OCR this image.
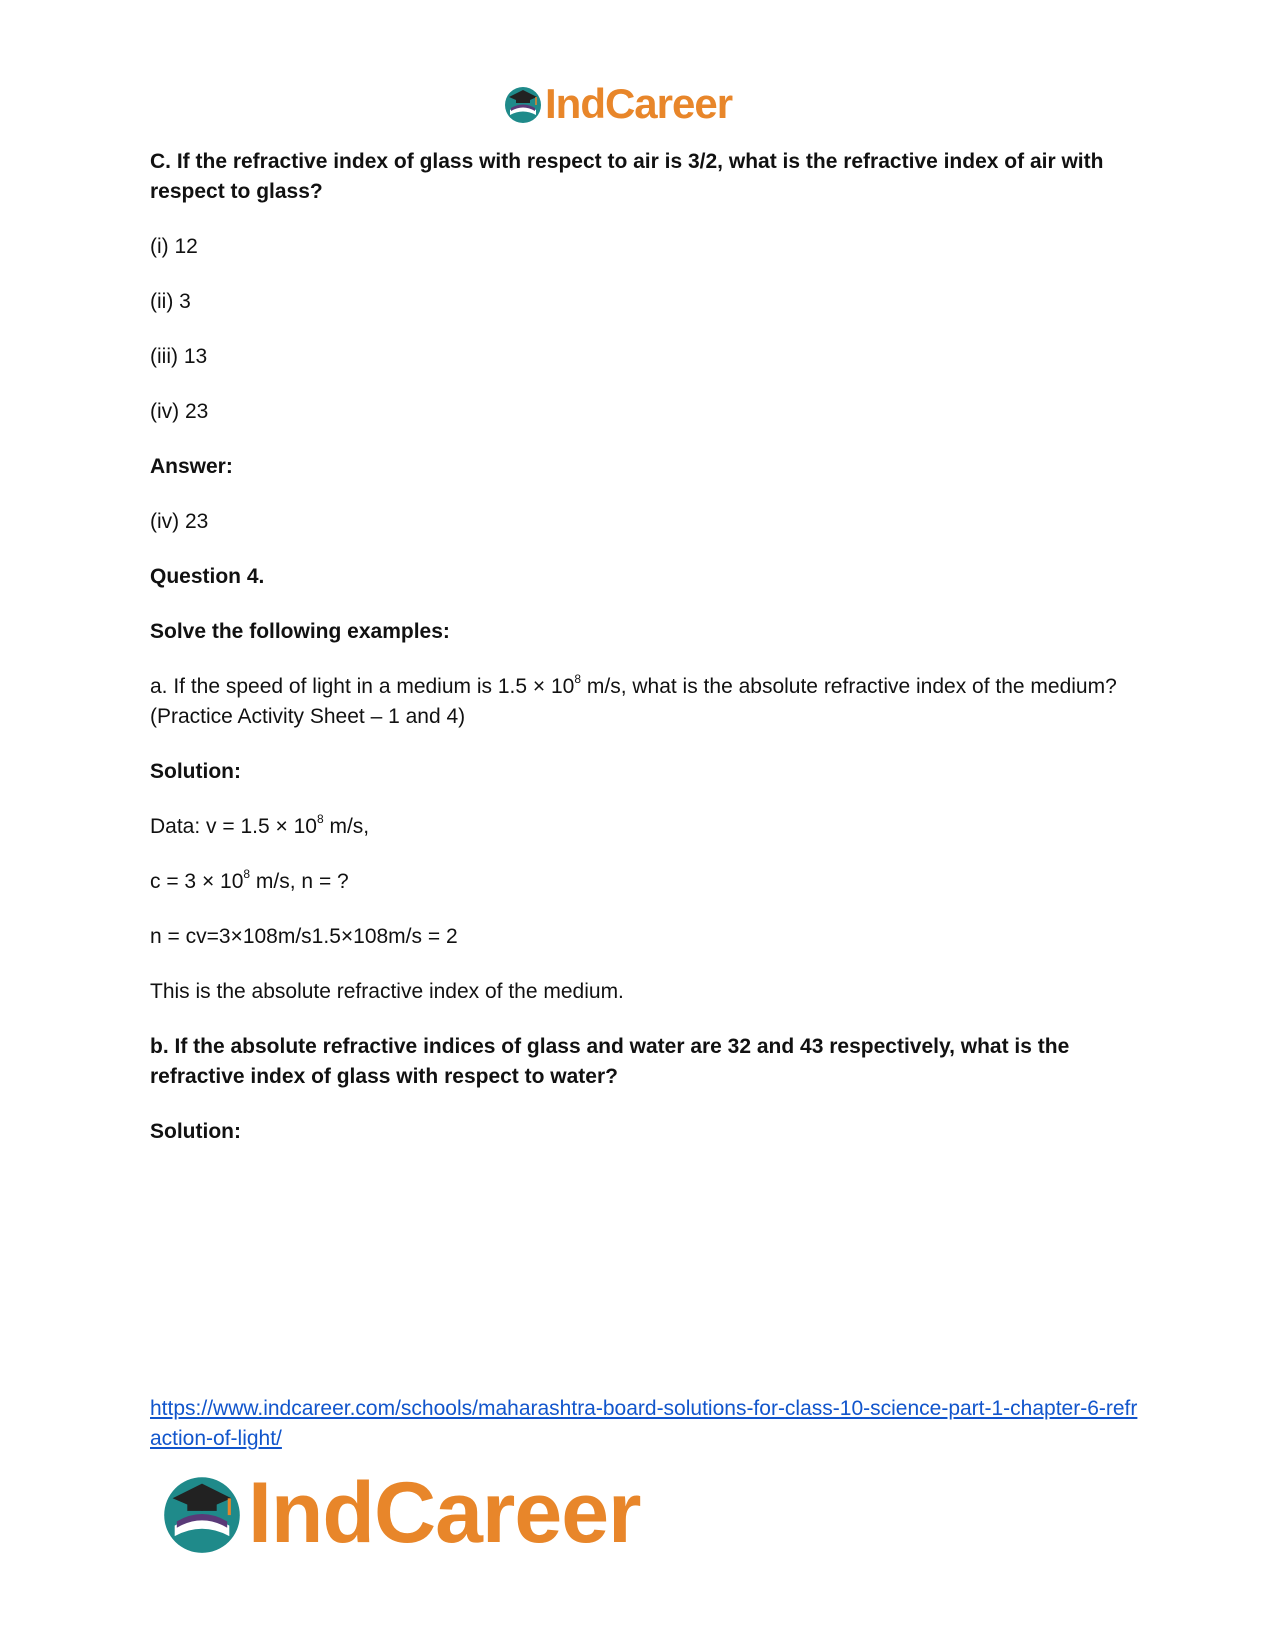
IndCareer

C. If the refractive index of glass with respect to air is 3/2, what is the refractive index of air with respect to glass?

(i) 12

(ii) 3

(iii) 13

(iv) 23

Answer:

(iv) 23

Question 4.

Solve the following examples:

a. If the speed of light in a medium is $1.5 \times 10^8$ m/s, what is the absolute refractive index of the medium? (Practice Activity Sheet – 1 and 4)

Solution:

Data: $v = 1.5 \times 10^8$ m/s,

$c = 3 \times 10^8$ m/s, n = ?

n = cv=3×108m/s1.5×108m/s = 2

This is the absolute refractive index of the medium.

b. If the absolute refractive indices of glass and water are 32 and 43 respectively, what is the refractive index of glass with respect to water?

Solution:

https://www.indcareer.com/schools/maharashtra-board-solutions-for-class-10-science-part-1-chapter-6-refraction-of-light/
IndCareer
